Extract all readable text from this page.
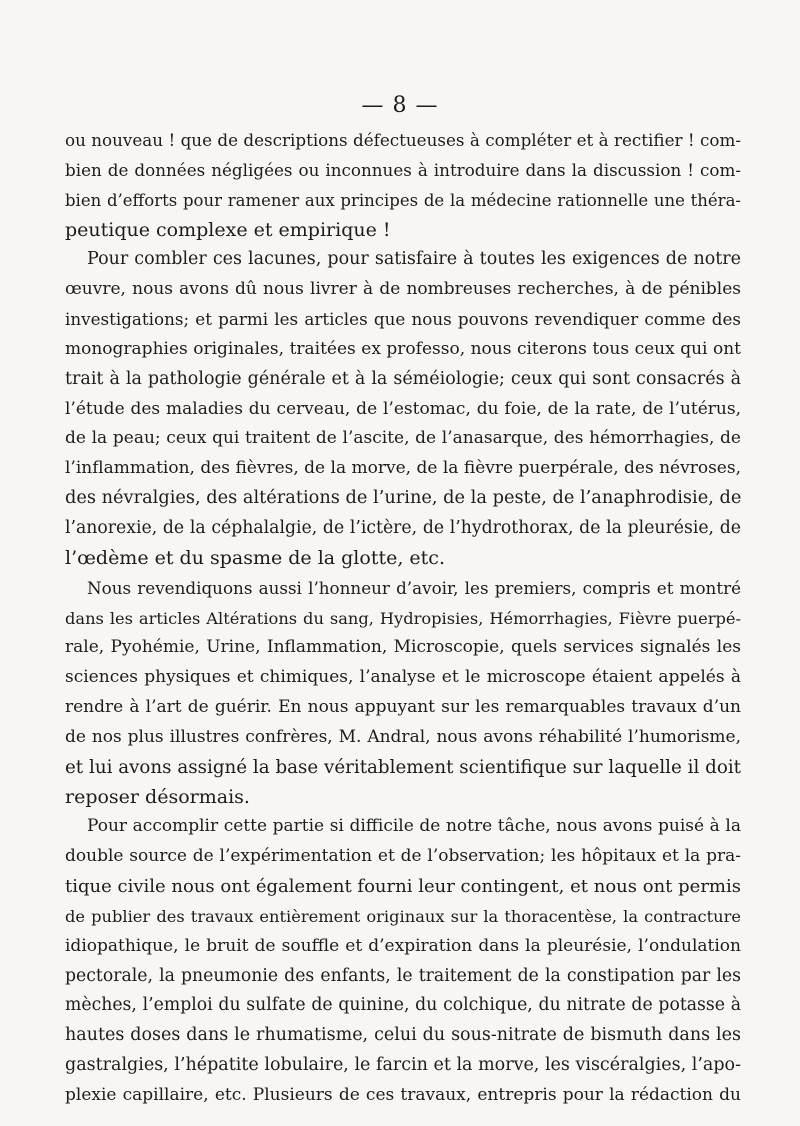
— 8 —
ou nouveau ! que de descriptions défectueuses à compléter et à rectifier ! com-
bien de données négligées ou inconnues à introduire dans la discussion ! com-
bien d’efforts pour ramener aux principes de la médecine rationnelle une théra-
peutique complexe et empirique !
Pour combler ces lacunes, pour satisfaire à toutes les exigences de notre
œuvre, nous avons dû nous livrer à de nombreuses recherches, à de pénibles
investigations; et parmi les articles que nous pouvons revendiquer comme des
monographies originales, traitées ex professo, nous citerons tous ceux qui ont
trait à la pathologie générale et à la séméiologie; ceux qui sont consacrés à
l’étude des maladies du cerveau, de l’estomac, du foie, de la rate, de l’utérus,
de la peau; ceux qui traitent de l’ascite, de l’anasarque, des hémorrhagies, de
l’inflammation, des fièvres, de la morve, de la fièvre puerpérale, des névroses,
des névralgies, des altérations de l’urine, de la peste, de l’anaphrodisie, de
l’anorexie, de la céphalalgie, de l’ictère, de l’hydrothorax, de la pleurésie, de
l’œdème et du spasme de la glotte, etc.
Nous revendiquons aussi l’honneur d’avoir, les premiers, compris et montré
dans les articles Altérations du sang, Hydropisies, Hémorrhagies, Fièvre puerpé-
rale, Pyohémie, Urine, Inflammation, Microscopie, quels services signalés les
sciences physiques et chimiques, l’analyse et le microscope étaient appelés à
rendre à l’art de guérir. En nous appuyant sur les remarquables travaux d’un
de nos plus illustres confrères, M. Andral, nous avons réhabilité l’humorisme,
et lui avons assigné la base véritablement scientifique sur laquelle il doit
reposer désormais.
Pour accomplir cette partie si difficile de notre tâche, nous avons puisé à la
double source de l’expérimentation et de l’observation; les hôpitaux et la pra-
tique civile nous ont également fourni leur contingent, et nous ont permis
de publier des travaux entièrement originaux sur la thoracentèse, la contracture
idiopathique, le bruit de souffle et d’expiration dans la pleurésie, l’ondulation
pectorale, la pneumonie des enfants, le traitement de la constipation par les
mèches, l’emploi du sulfate de quinine, du colchique, du nitrate de potasse à
hautes doses dans le rhumatisme, celui du sous-nitrate de bismuth dans les
gastralgies, l’hépatite lobulaire, le farcin et la morve, les viscéralgies, l’apo-
plexie capillaire, etc. Plusieurs de ces travaux, entrepris pour la rédaction du
